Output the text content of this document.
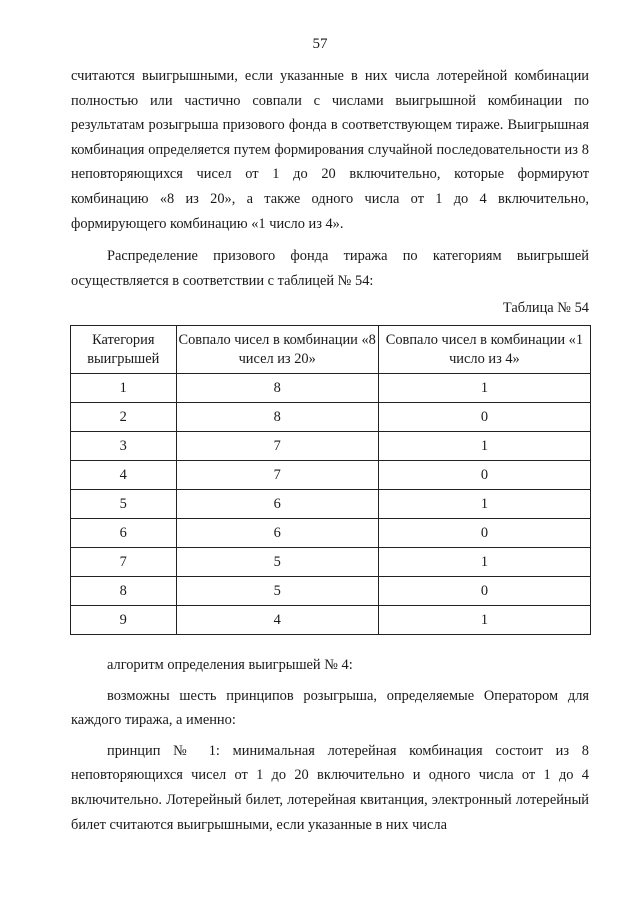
57

считаются выигрышными, если указанные в них числа лотерейной комбинации полностью или частично совпали с числами выигрышной комбинации по результатам розыгрыша призового фонда в соответствующем тираже. Выигрышная комбинация определяется путем формирования случайной последовательности из 8 неповторяющихся чисел от 1 до 20 включительно, которые формируют комбинацию «8 из 20», а также одного числа от 1 до 4 включительно, формирующего комбинацию «1 число из 4».

Распределение призового фонда тиража по категориям выигрышей осуществляется в соответствии с таблицей № 54:

Таблица № 54
Категория выигрышей	Совпало чисел в комбинации «8 чисел из 20»	Совпало чисел в комбинации «1 число из 4»
1	8	1
2	8	0
3	7	1
4	7	0
5	6	1
6	6	0
7	5	1
8	5	0
9	4	1

алгоритм определения выигрышей № 4:

возможны шесть принципов розыгрыша, определяемые Оператором для каждого тиража, а именно:

принцип № 1: минимальная лотерейная комбинация состоит из 8 неповторяющихся чисел от 1 до 20 включительно и одного числа от 1 до 4 включительно. Лотерейный билет, лотерейная квитанция, электронный лотерейный билет считаются выигрышными, если указанные в них числа
